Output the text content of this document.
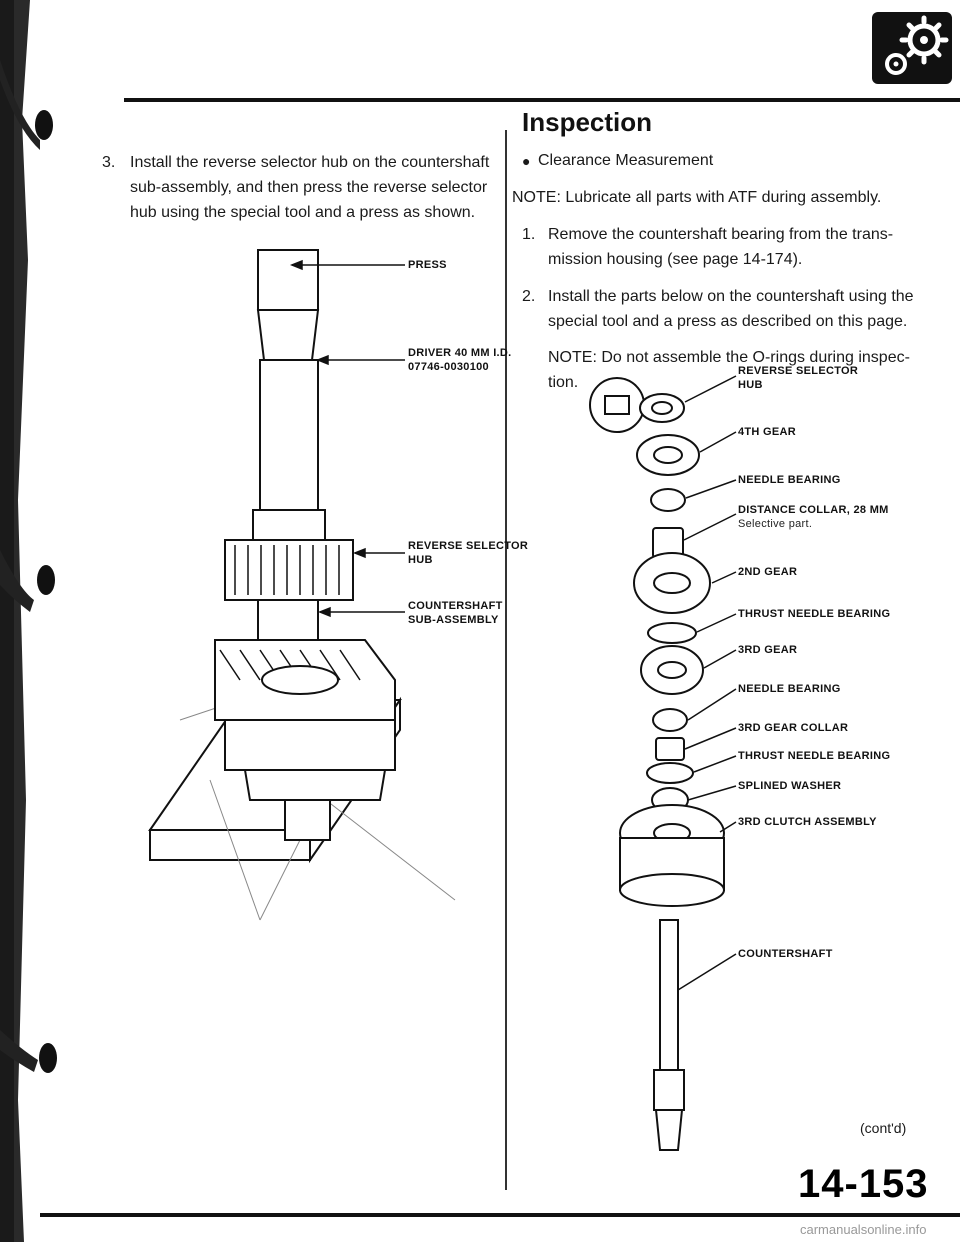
3. Install the reverse selector hub on the countershaft
sub-assembly, and then press the reverse selector
hub using the special tool and a press as shown.
PRESS
DRIVER 40 MM I.D.
07746-0030100
REVERSE SELECTOR
HUB
COUNTERSHAFT
SUB-ASSEMBLY
Inspection
● Clearance Measurement
NOTE: Lubricate all parts with ATF during assembly.
1. Remove the countershaft bearing from the trans-
mission housing (see page 14-174).
2. Install the parts below on the countershaft using the
special tool and a press as described on this page.
NOTE: Do not assemble the O-rings during inspec-
tion.
REVERSE SELECTOR
HUB
4TH GEAR
NEEDLE BEARING
DISTANCE COLLAR, 28 MM
Selective part.
2ND GEAR
THRUST NEEDLE BEARING
3RD GEAR
NEEDLE BEARING
3RD GEAR COLLAR
THRUST NEEDLE BEARING
SPLINED WASHER
3RD CLUTCH ASSEMBLY
COUNTERSHAFT
(cont'd)
14-153
carmanualsonline.info
